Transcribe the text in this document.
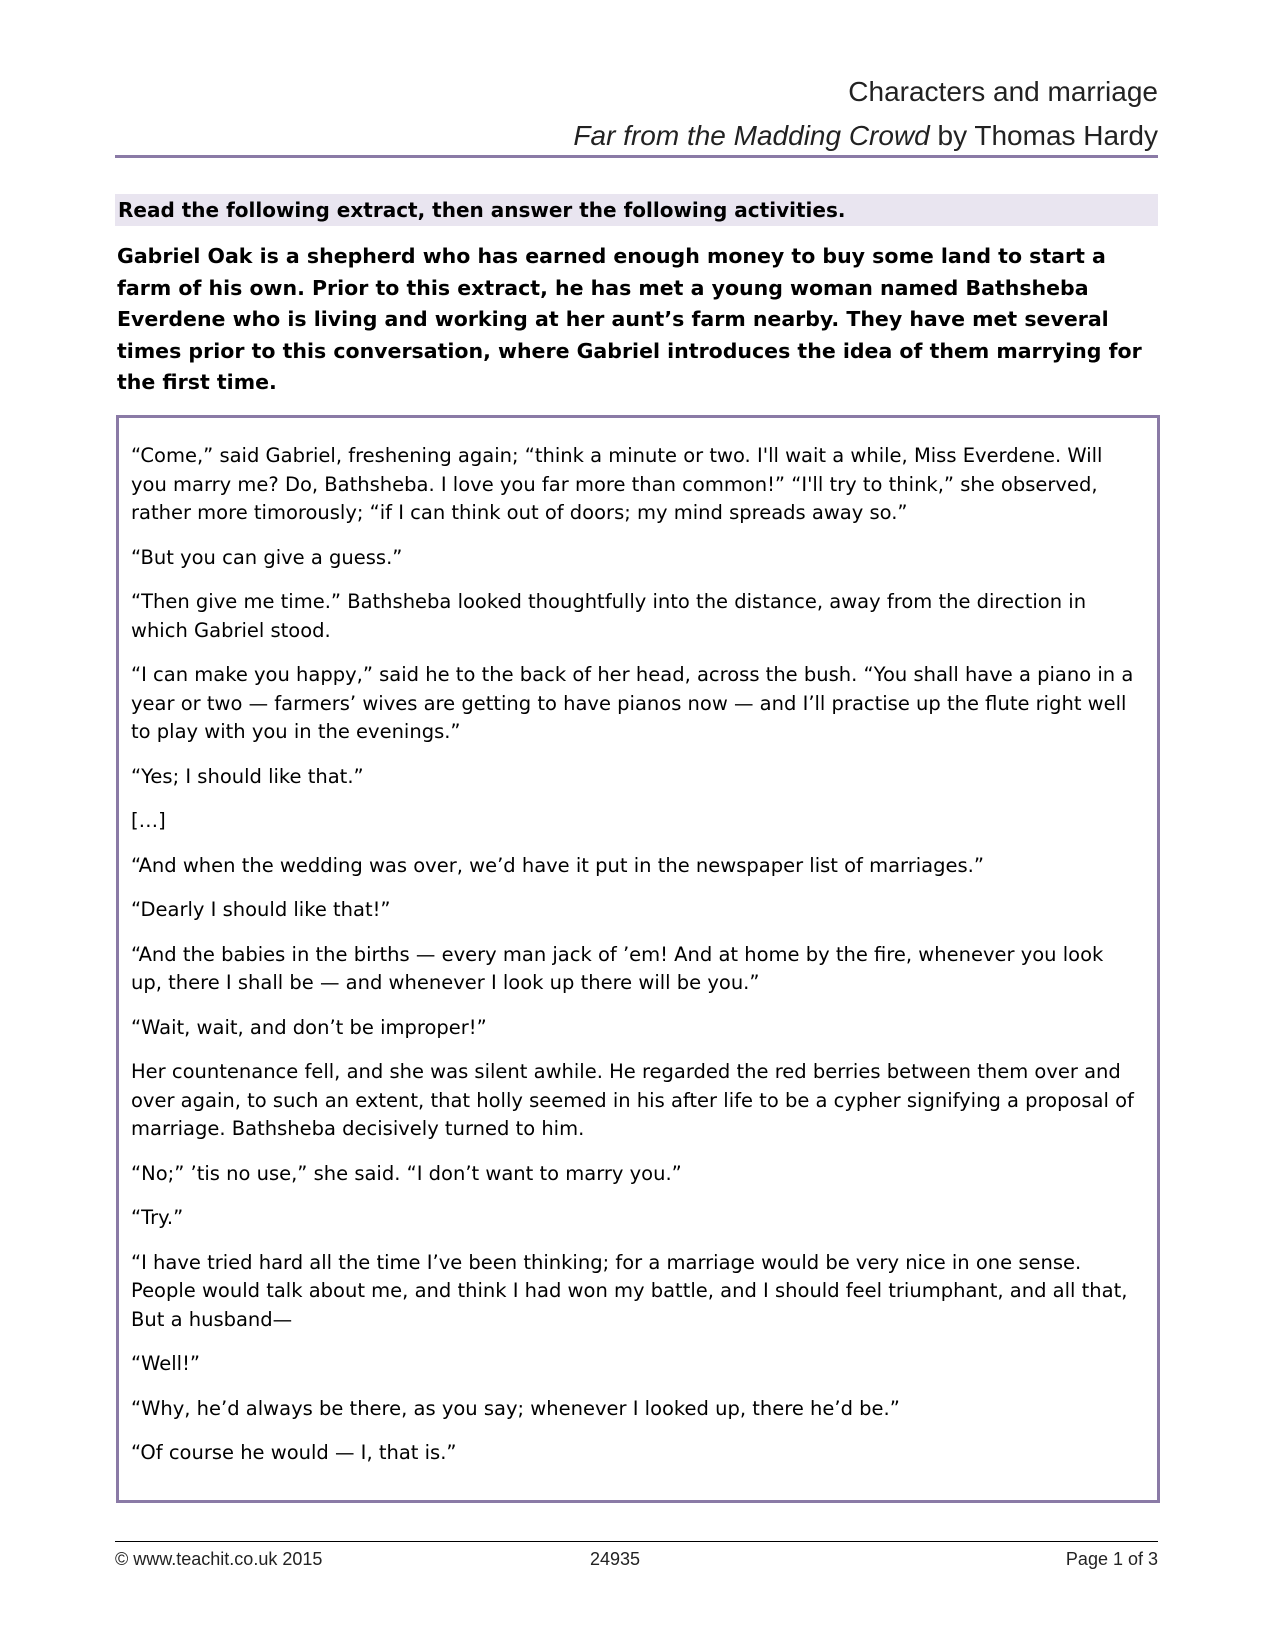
Characters and marriage
Far from the Madding Crowd by Thomas Hardy
Read the following extract, then answer the following activities.
Gabriel Oak is a shepherd who has earned enough money to buy some land to start a farm of his own. Prior to this extract, he has met a young woman named Bathsheba Everdene who is living and working at her aunt’s farm nearby. They have met several times prior to this conversation, where Gabriel introduces the idea of them marrying for the first time.

“Come,” said Gabriel, freshening again; “think a minute or two. I'll wait a while, Miss Everdene. Will you marry me? Do, Bathsheba. I love you far more than common!” “I'll try to think,” she observed, rather more timorously; “if I can think out of doors; my mind spreads away so.”

“But you can give a guess.”

“Then give me time.” Bathsheba looked thoughtfully into the distance, away from the direction in which Gabriel stood.

“I can make you happy,” said he to the back of her head, across the bush. “You shall have a piano in a year or two — farmers’ wives are getting to have pianos now — and I’ll practise up the flute right well to play with you in the evenings.”

“Yes; I should like that.”

[…]

“And when the wedding was over, we’d have it put in the newspaper list of marriages.”

“Dearly I should like that!”

“And the babies in the births — every man jack of ’em! And at home by the fire, whenever you look up, there I shall be — and whenever I look up there will be you.”

“Wait, wait, and don’t be improper!”

Her countenance fell, and she was silent awhile. He regarded the red berries between them over and over again, to such an extent, that holly seemed in his after life to be a cypher signifying a proposal of marriage. Bathsheba decisively turned to him.

“No;” ’tis no use,” she said. “I don’t want to marry you.”

“Try.”

“I have tried hard all the time I’ve been thinking; for a marriage would be very nice in one sense. People would talk about me, and think I had won my battle, and I should feel triumphant, and all that, But a husband—

“Well!”

“Why, he’d always be there, as you say; whenever I looked up, there he’d be.”

“Of course he would — I, that is.”

© www.teachit.co.uk 2015	24935	Page 1 of 3
